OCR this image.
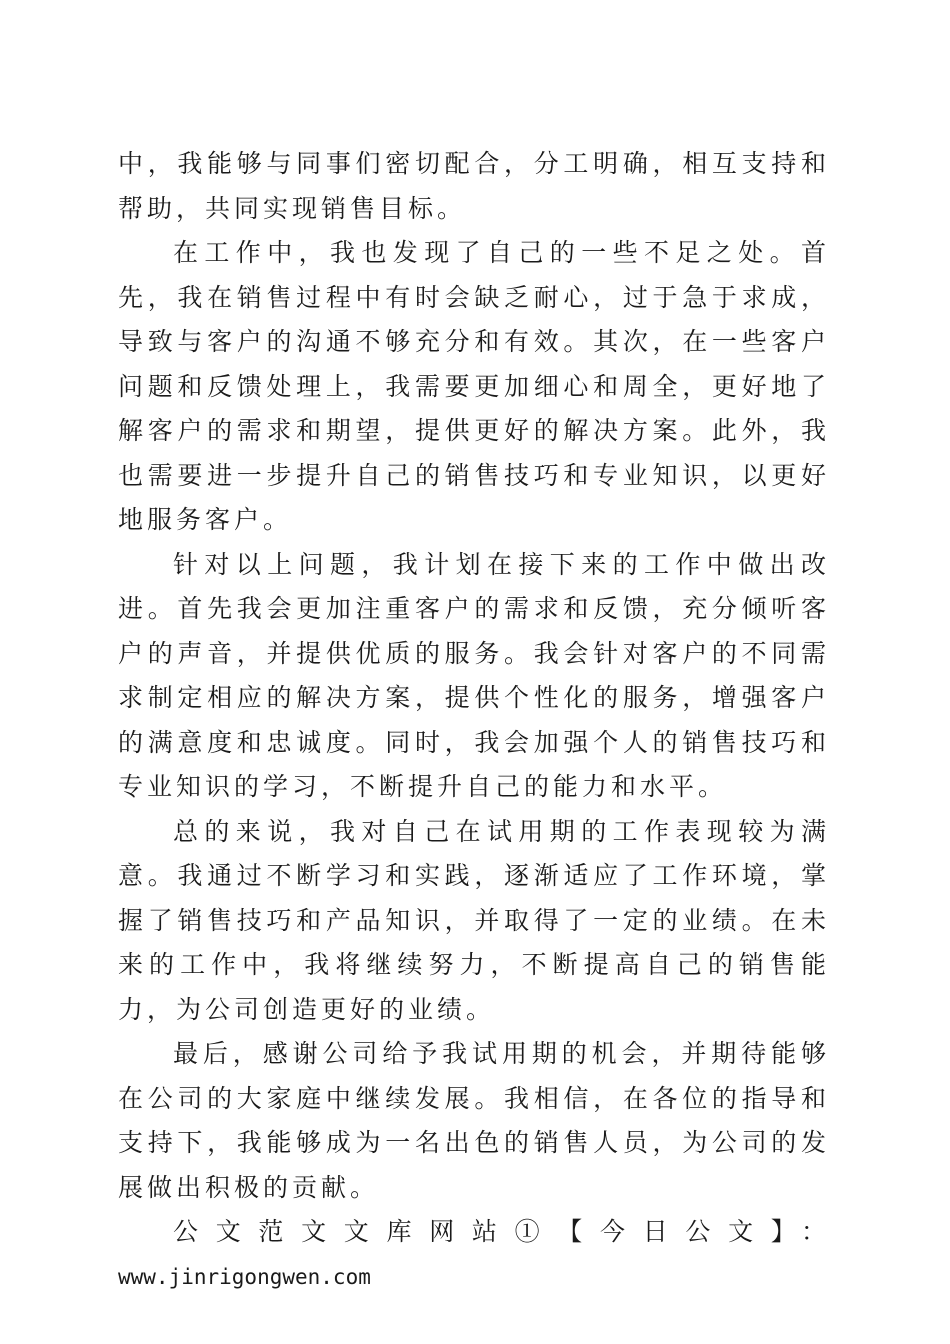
中，我能够与同事们密切配合，分工明确，相互支持和帮助，共同实现销售目标。

在工作中，我也发现了自己的一些不足之处。首先，我在销售过程中有时会缺乏耐心，过于急于求成，导致与客户的沟通不够充分和有效。其次，在一些客户问题和反馈处理上，我需要更加细心和周全，更好地了解客户的需求和期望，提供更好的解决方案。此外，我也需要进一步提升自己的销售技巧和专业知识，以更好地服务客户。

针对以上问题，我计划在接下来的工作中做出改进。首先我会更加注重客户的需求和反馈，充分倾听客户的声音，并提供优质的服务。我会针对客户的不同需求制定相应的解决方案，提供个性化的服务，增强客户的满意度和忠诚度。同时，我会加强个人的销售技巧和专业知识的学习，不断提升自己的能力和水平。

总的来说，我对自己在试用期的工作表现较为满意。我通过不断学习和实践，逐渐适应了工作环境，掌握了销售技巧和产品知识，并取得了一定的业绩。在未来的工作中，我将继续努力，不断提高自己的销售能力，为公司创造更好的业绩。

最后，感谢公司给予我试用期的机会，并期待能够在公司的大家庭中继续发展。我相信，在各位的指导和支持下，我能够成为一名出色的销售人员，为公司的发展做出积极的贡献。

公文范文文库网站①【今日公文】：

www.jinrigongwen.com
